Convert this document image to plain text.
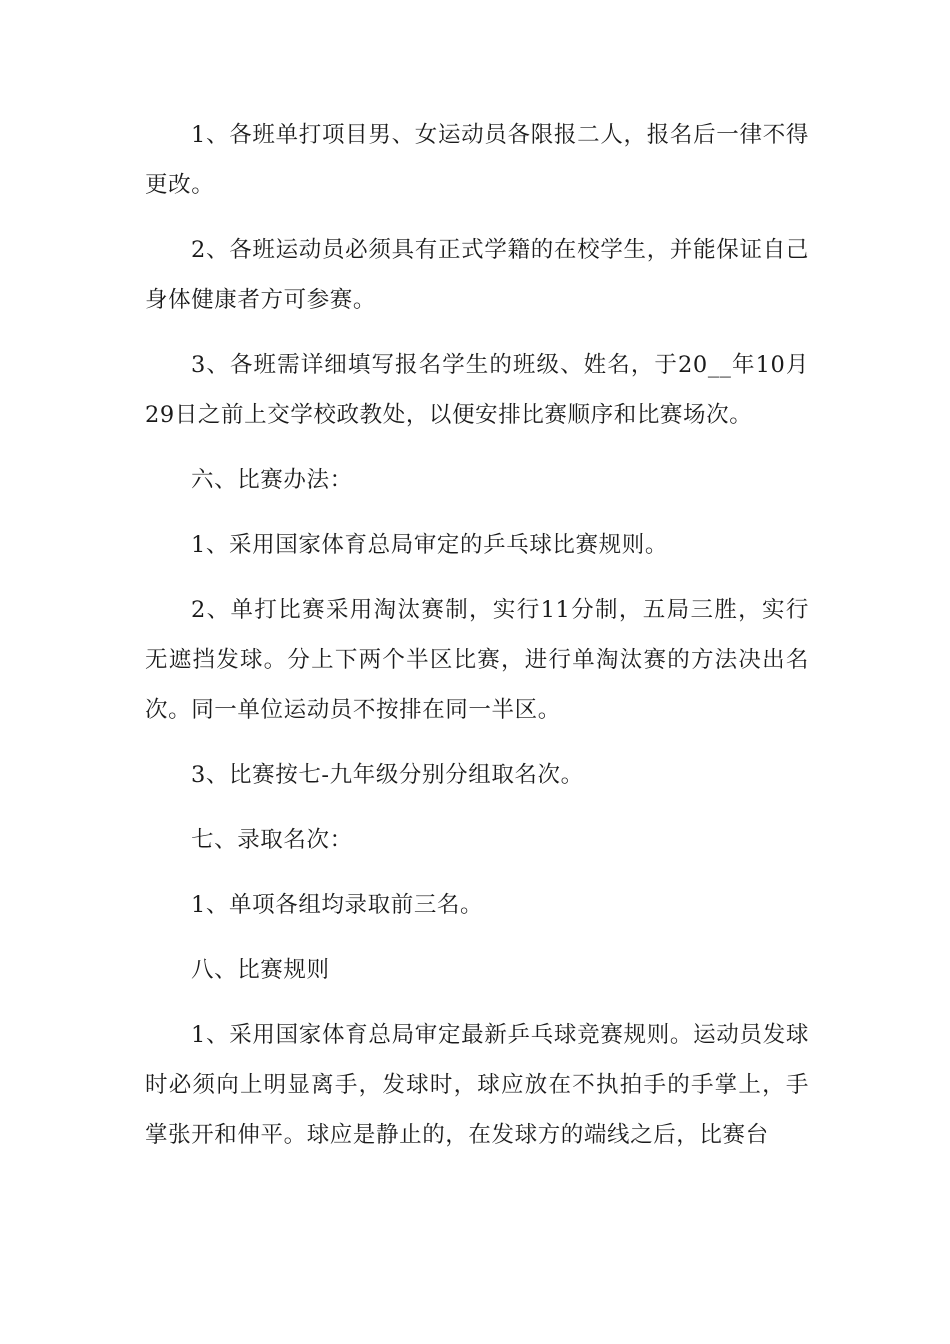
1、各班单打项目男、女运动员各限报二人，报名后一律不得更改。

2、各班运动员必须具有正式学籍的在校学生，并能保证自己身体健康者方可参赛。

3、各班需详细填写报名学生的班级、姓名，于20__年10月29日之前上交学校政教处，以便安排比赛顺序和比赛场次。

六、比赛办法：

1、采用国家体育总局审定的乒乓球比赛规则。

2、单打比赛采用淘汰赛制，实行11分制，五局三胜，实行无遮挡发球。分上下两个半区比赛，进行单淘汰赛的方法决出名次。同一单位运动员不按排在同一半区。

3、比赛按七-九年级分别分组取名次。

七、录取名次：

1、单项各组均录取前三名。

八、比赛规则

1、采用国家体育总局审定最新乒乓球竞赛规则。运动员发球时必须向上明显离手，发球时，球应放在不执拍手的手掌上，手掌张开和伸平。球应是静止的，在发球方的端线之后，比赛台
